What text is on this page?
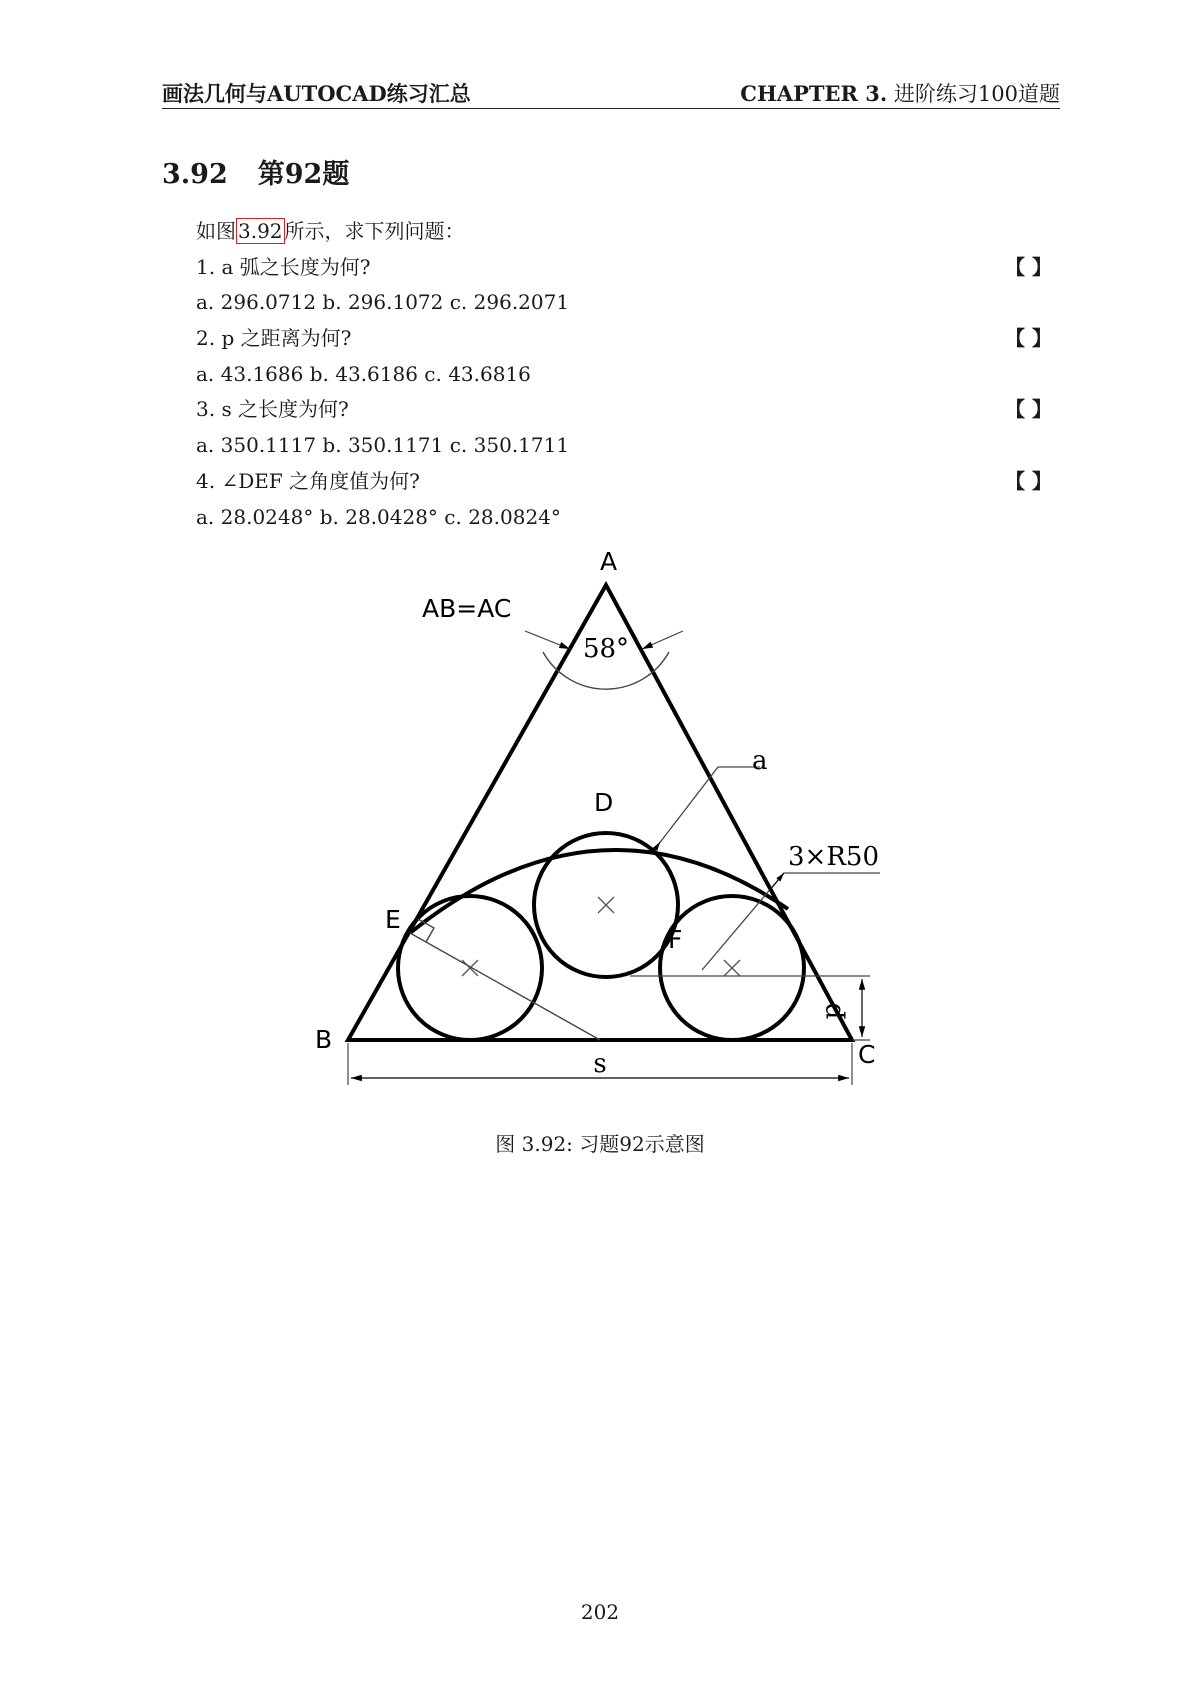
画法几何与AUTOCAD练习汇总	CHAPTER 3. 进阶练习100道题
3.92 第92题
如图 3.92 所示，求下列问题：
1. a 弧之长度为何?	【 】
a. 296.0712 b. 296.1072 c. 296.2071
2. p 之距离为何?	【 】
a. 43.1686 b. 43.6186 c. 43.6816
3. s 之长度为何?	【 】
a. 350.1117 b. 350.1171 c. 350.1711
4. ∠DEF 之角度值为何?	【 】
a. 28.0248° b. 28.0428° c. 28.0824°
58°
a
3×R50
p
s
A
B
C
D
E
F
AB=AC
图 3.92: 习题92示意图
202
